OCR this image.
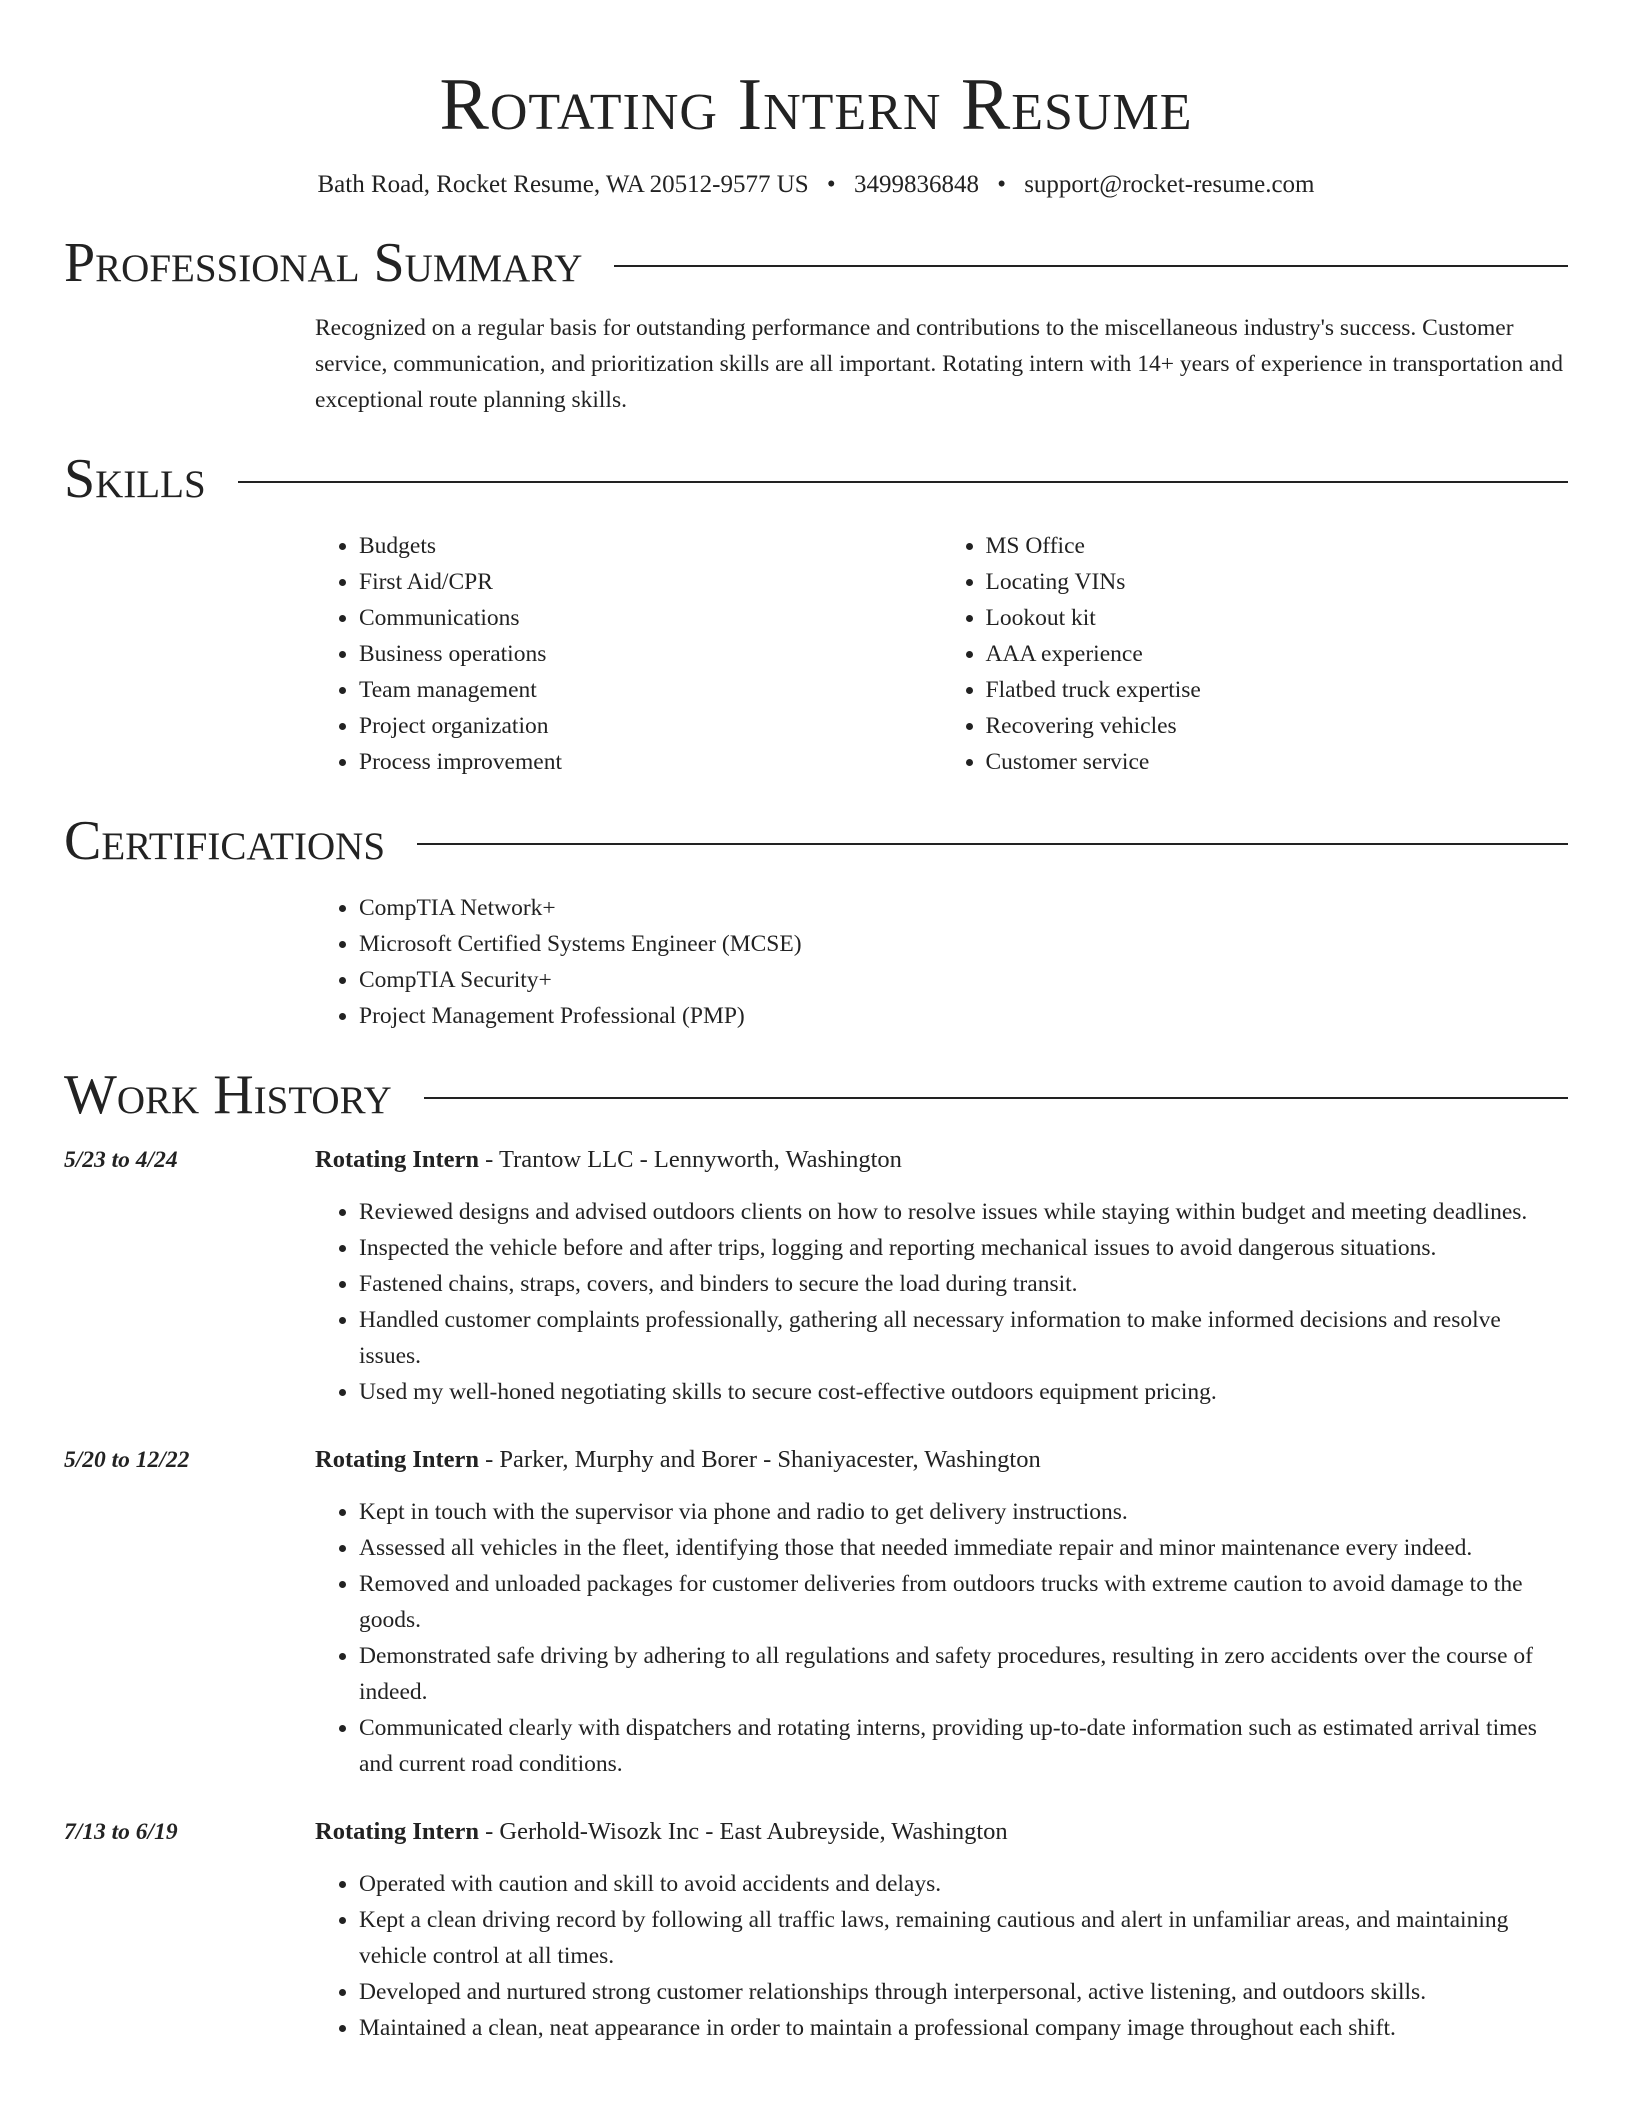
Rotating Intern Resume
Bath Road, Rocket Resume, WA 20512-9577 US • 3499836848 • support@rocket-resume.com
Professional Summary
Recognized on a regular basis for outstanding performance and contributions to the miscellaneous industry's success. Customer service, communication, and prioritization skills are all important. Rotating intern with 14+ years of experience in transportation and exceptional route planning skills.
Skills
• Budgets
• First Aid/CPR
• Communications
• Business operations
• Team management
• Project organization
• Process improvement
• MS Office
• Locating VINs
• Lookout kit
• AAA experience
• Flatbed truck expertise
• Recovering vehicles
• Customer service
Certifications
• CompTIA Network+
• Microsoft Certified Systems Engineer (MCSE)
• CompTIA Security+
• Project Management Professional (PMP)
Work History
5/23 to 4/24	Rotating Intern - Trantow LLC - Lennyworth, Washington
• Reviewed designs and advised outdoors clients on how to resolve issues while staying within budget and meeting deadlines.
• Inspected the vehicle before and after trips, logging and reporting mechanical issues to avoid dangerous situations.
• Fastened chains, straps, covers, and binders to secure the load during transit.
• Handled customer complaints professionally, gathering all necessary information to make informed decisions and resolve issues.
• Used my well-honed negotiating skills to secure cost-effective outdoors equipment pricing.
5/20 to 12/22	Rotating Intern - Parker, Murphy and Borer - Shaniyacester, Washington
• Kept in touch with the supervisor via phone and radio to get delivery instructions.
• Assessed all vehicles in the fleet, identifying those that needed immediate repair and minor maintenance every indeed.
• Removed and unloaded packages for customer deliveries from outdoors trucks with extreme caution to avoid damage to the goods.
• Demonstrated safe driving by adhering to all regulations and safety procedures, resulting in zero accidents over the course of indeed.
• Communicated clearly with dispatchers and rotating interns, providing up-to-date information such as estimated arrival times and current road conditions.
7/13 to 6/19	Rotating Intern - Gerhold-Wisozk Inc - East Aubreyside, Washington
• Operated with caution and skill to avoid accidents and delays.
• Kept a clean driving record by following all traffic laws, remaining cautious and alert in unfamiliar areas, and maintaining vehicle control at all times.
• Developed and nurtured strong customer relationships through interpersonal, active listening, and outdoors skills.
• Maintained a clean, neat appearance in order to maintain a professional company image throughout each shift.
